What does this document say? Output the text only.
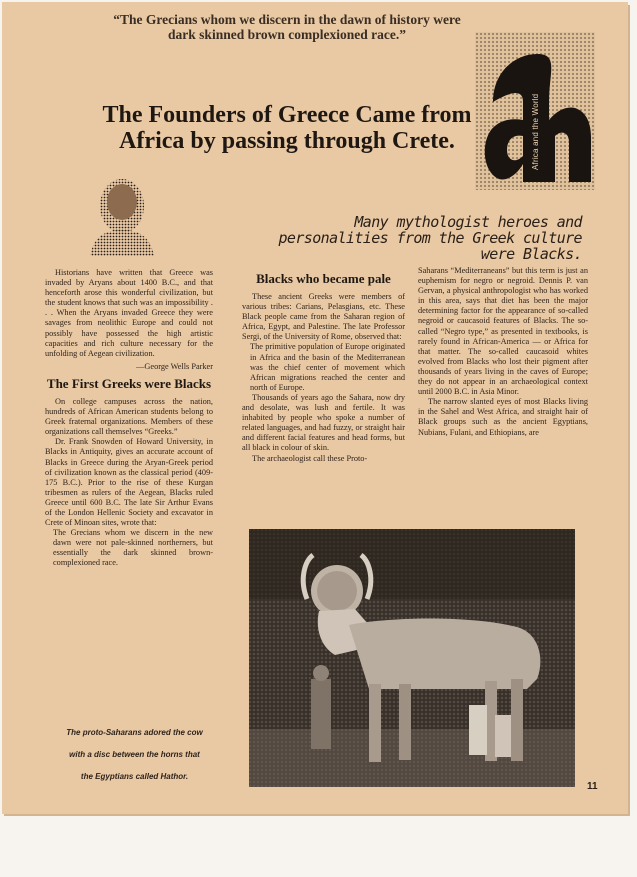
“The Grecians whom we discern in the dawn of history were dark skinned brown complexioned race.”
Africa and the World
The Founders of Greece Came from Africa by passing through Crete.
Many mythologist heroes and personalities from the Greek culture were Blacks.

Historians have written that Greece was invaded by Aryans about 1400 B.C., and that henceforth arose this wonderful civilization, but the student knows that such was an impossibility . . . When the Aryans invaded Greece they were savages from neolithic Europe and could not possibly have possessed the high artistic capacities and rich culture necessary for the unfolding of Aegean civilization.

—George Wells Parker

The First Greeks were Blacks

On college campuses across the nation, hundreds of African American students belong to Greek fraternal organizations. Members of these organizations call themselves “Greeks.”

Dr. Frank Snowden of Howard University, in Blacks in Antiquity, gives an accurate account of Blacks in Greece during the Aryan-Greek period of civilization known as the classical period (409-175 B.C.). Prior to the rise of these Kurgan tribesmen as rulers of the Aegean, Blacks ruled Greece until 600 B.C. The late Sir Arthur Evans of the London Hellenic Society and excavator in Crete of Minoan sites, wrote that:

The Grecians whom we discern in the new dawn were not pale-skinned northerners, but essentially the dark skinned brown-complexioned race.

Blacks who became pale

These ancient Greeks were members of various tribes: Carians, Pelasgians, etc. These Black people came from the Saharan region of Africa, Egypt, and Palestine. The late Professor Sergi, of the University of Rome, observed that:

The primitive population of Europe originated in Africa and the basin of the Mediterranean was the chief center of movement which African migrations reached the center and north of Europe.

Thousands of years ago the Sahara, now dry and desolate, was lush and fertile. It was inhabited by people who spoke a number of related languages, and had fuzzy, or straight hair and different facial features and head forms, but all black in colour of skin.

The archaeologist call these Proto-

Saharans “Mediterraneans” but this term is just an euphemism for negro or negroid. Dennis P. van Gervan, a physical anthropologist who has worked in this area, says that diet has been the major determining factor for the appearance of so-called negroid or caucasoid features of Blacks. The so-called “Negro type,” as presented in textbooks, is rarely found in African-America — or Africa for that matter. The so-called caucasoid whites evolved from Blacks who lost their pigment after thousands of years living in the caves of Europe; they do not appear in an archaeological context until 2000 B.C. in Asia Minor.

The narrow slanted eyes of most Blacks living in the Sahel and West Africa, and straight hair of Black groups such as the ancient Egyptians, Nubians, Fulani, and Ethiopians, are

The proto-Saharans adored the cow
with a disc between the horns that
the Egyptians called Hathor.
11
